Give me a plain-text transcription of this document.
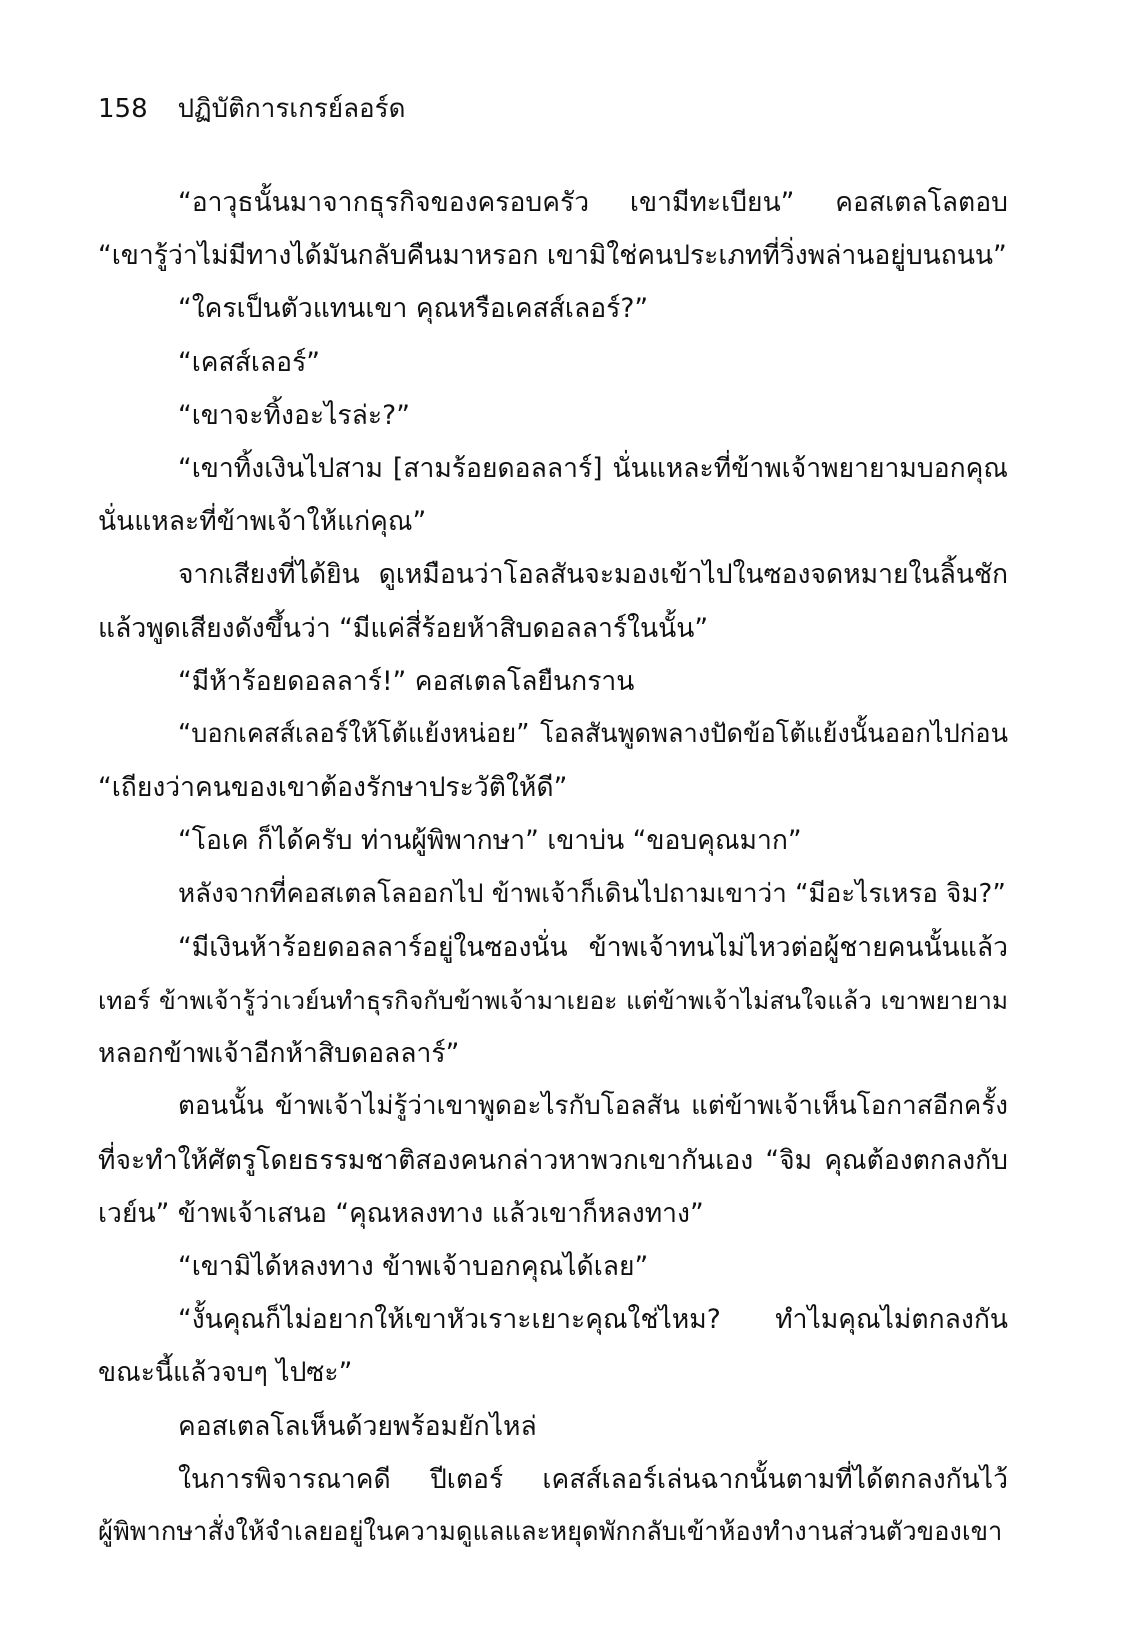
158 ปฏิบัติการเกรย์ลอร์ด

“อาวุธนั้นมาจากธุรกิจของครอบครัว เขามีทะเบียน” คอสเตลโลตอบ
“เขารู้ว่าไม่มีทางได้มันกลับคืนมาหรอก เขามิใช่คนประเภทที่วิ่งพล่านอยู่บนถนน”

“ใครเป็นตัวแทนเขา คุณหรือเคสส์เลอร์?”

“เคสส์เลอร์”

“เขาจะทิ้งอะไรล่ะ?”

“เขาทิ้งเงินไปสาม [สามร้อยดอลลาร์] นั่นแหละที่ข้าพเจ้าพยายามบอกคุณ
นั่นแหละที่ข้าพเจ้าให้แก่คุณ”

จากเสียงที่ได้ยิน ดูเหมือนว่าโอลสันจะมองเข้าไปในซองจดหมายในลิ้นชัก
แล้วพูดเสียงดังขึ้นว่า “มีแค่สี่ร้อยห้าสิบดอลลาร์ในนั้น”

“มีห้าร้อยดอลลาร์!” คอสเตลโลยืนกราน

“บอกเคสส์เลอร์ให้โต้แย้งหน่อย” โอลสันพูดพลางปัดข้อโต้แย้งนั้นออกไปก่อน
“เถียงว่าคนของเขาต้องรักษาประวัติให้ดี”

“โอเค ก็ได้ครับ ท่านผู้พิพากษา” เขาบ่น “ขอบคุณมาก”

หลังจากที่คอสเตลโลออกไป ข้าพเจ้าก็เดินไปถามเขาว่า “มีอะไรเหรอ จิม?”

“มีเงินห้าร้อยดอลลาร์อยู่ในซองนั่น ข้าพเจ้าทนไม่ไหวต่อผู้ชายคนนั้นแล้ว
เทอร์ ข้าพเจ้ารู้ว่าเวย์นทำธุรกิจกับข้าพเจ้ามาเยอะ แต่ข้าพเจ้าไม่สนใจแล้ว เขาพยายาม
หลอกข้าพเจ้าอีกห้าสิบดอลลาร์”

ตอนนั้น ข้าพเจ้าไม่รู้ว่าเขาพูดอะไรกับโอลสัน แต่ข้าพเจ้าเห็นโอกาสอีกครั้ง
ที่จะทำให้ศัตรูโดยธรรมชาติสองคนกล่าวหาพวกเขากันเอง “จิม คุณต้องตกลงกับ
เวย์น” ข้าพเจ้าเสนอ “คุณหลงทาง แล้วเขาก็หลงทาง”

“เขามิได้หลงทาง ข้าพเจ้าบอกคุณได้เลย”

“งั้นคุณก็ไม่อยากให้เขาหัวเราะเยาะคุณใช่ไหม? ทำไมคุณไม่ตกลงกัน
ขณะนี้แล้วจบๆ ไปซะ”

คอสเตลโลเห็นด้วยพร้อมยักไหล่

ในการพิจารณาคดี ปีเตอร์ เคสส์เลอร์เล่นฉากนั้นตามที่ได้ตกลงกันไว้
ผู้พิพากษาสั่งให้จำเลยอยู่ในความดูแลและหยุดพักกลับเข้าห้องทำงานส่วนตัวของเขา
